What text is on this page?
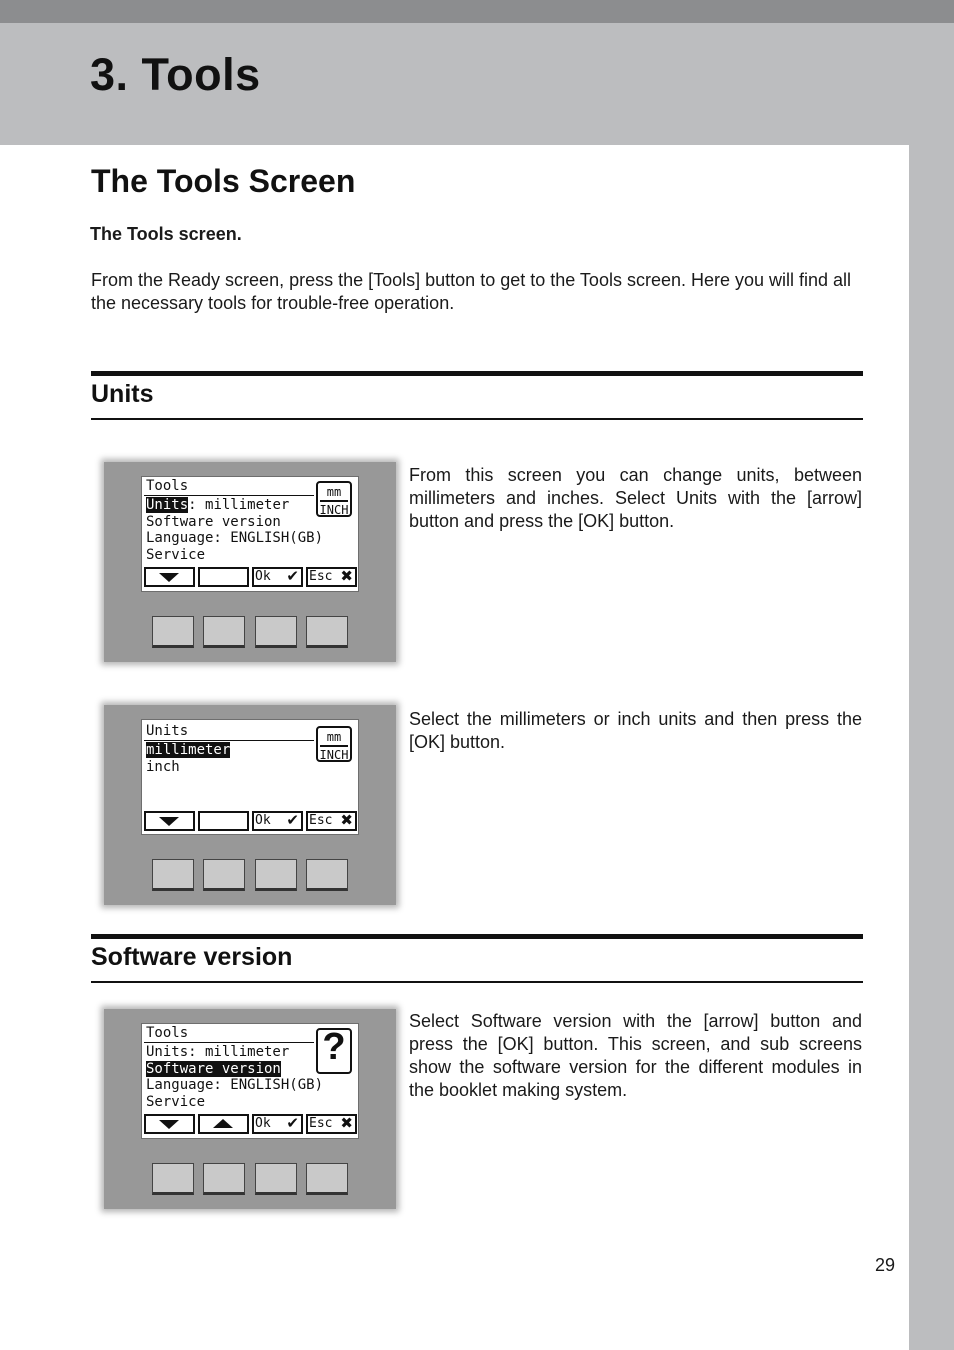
3. Tools
The Tools Screen

The Tools screen.

From the Ready screen, press the [Tools] button to get to the Tools screen. Here you will find all the necessary tools for trouble-free operation.

Units
Tools
Units: millimeter
Software version
Language: ENGLISH(GB)
Service
mm
INCH
Ok ✔ Esc ✖

From this screen you can change units, between millimeters and inches. Select Units with the [arrow] button and press the [OK] button.

Units
millimeter
inch
mm
INCH
Ok ✔ Esc ✖

Select the millimeters or inch units and then press the [OK] button.

Software version
Tools
Units: millimeter
Software version
Language: ENGLISH(GB)
Service
?
Ok ✔ Esc ✖

Select Software version with the [arrow] button and press the [OK] button. This screen, and sub screens show the software version for the different modules in the booklet making system.

29
